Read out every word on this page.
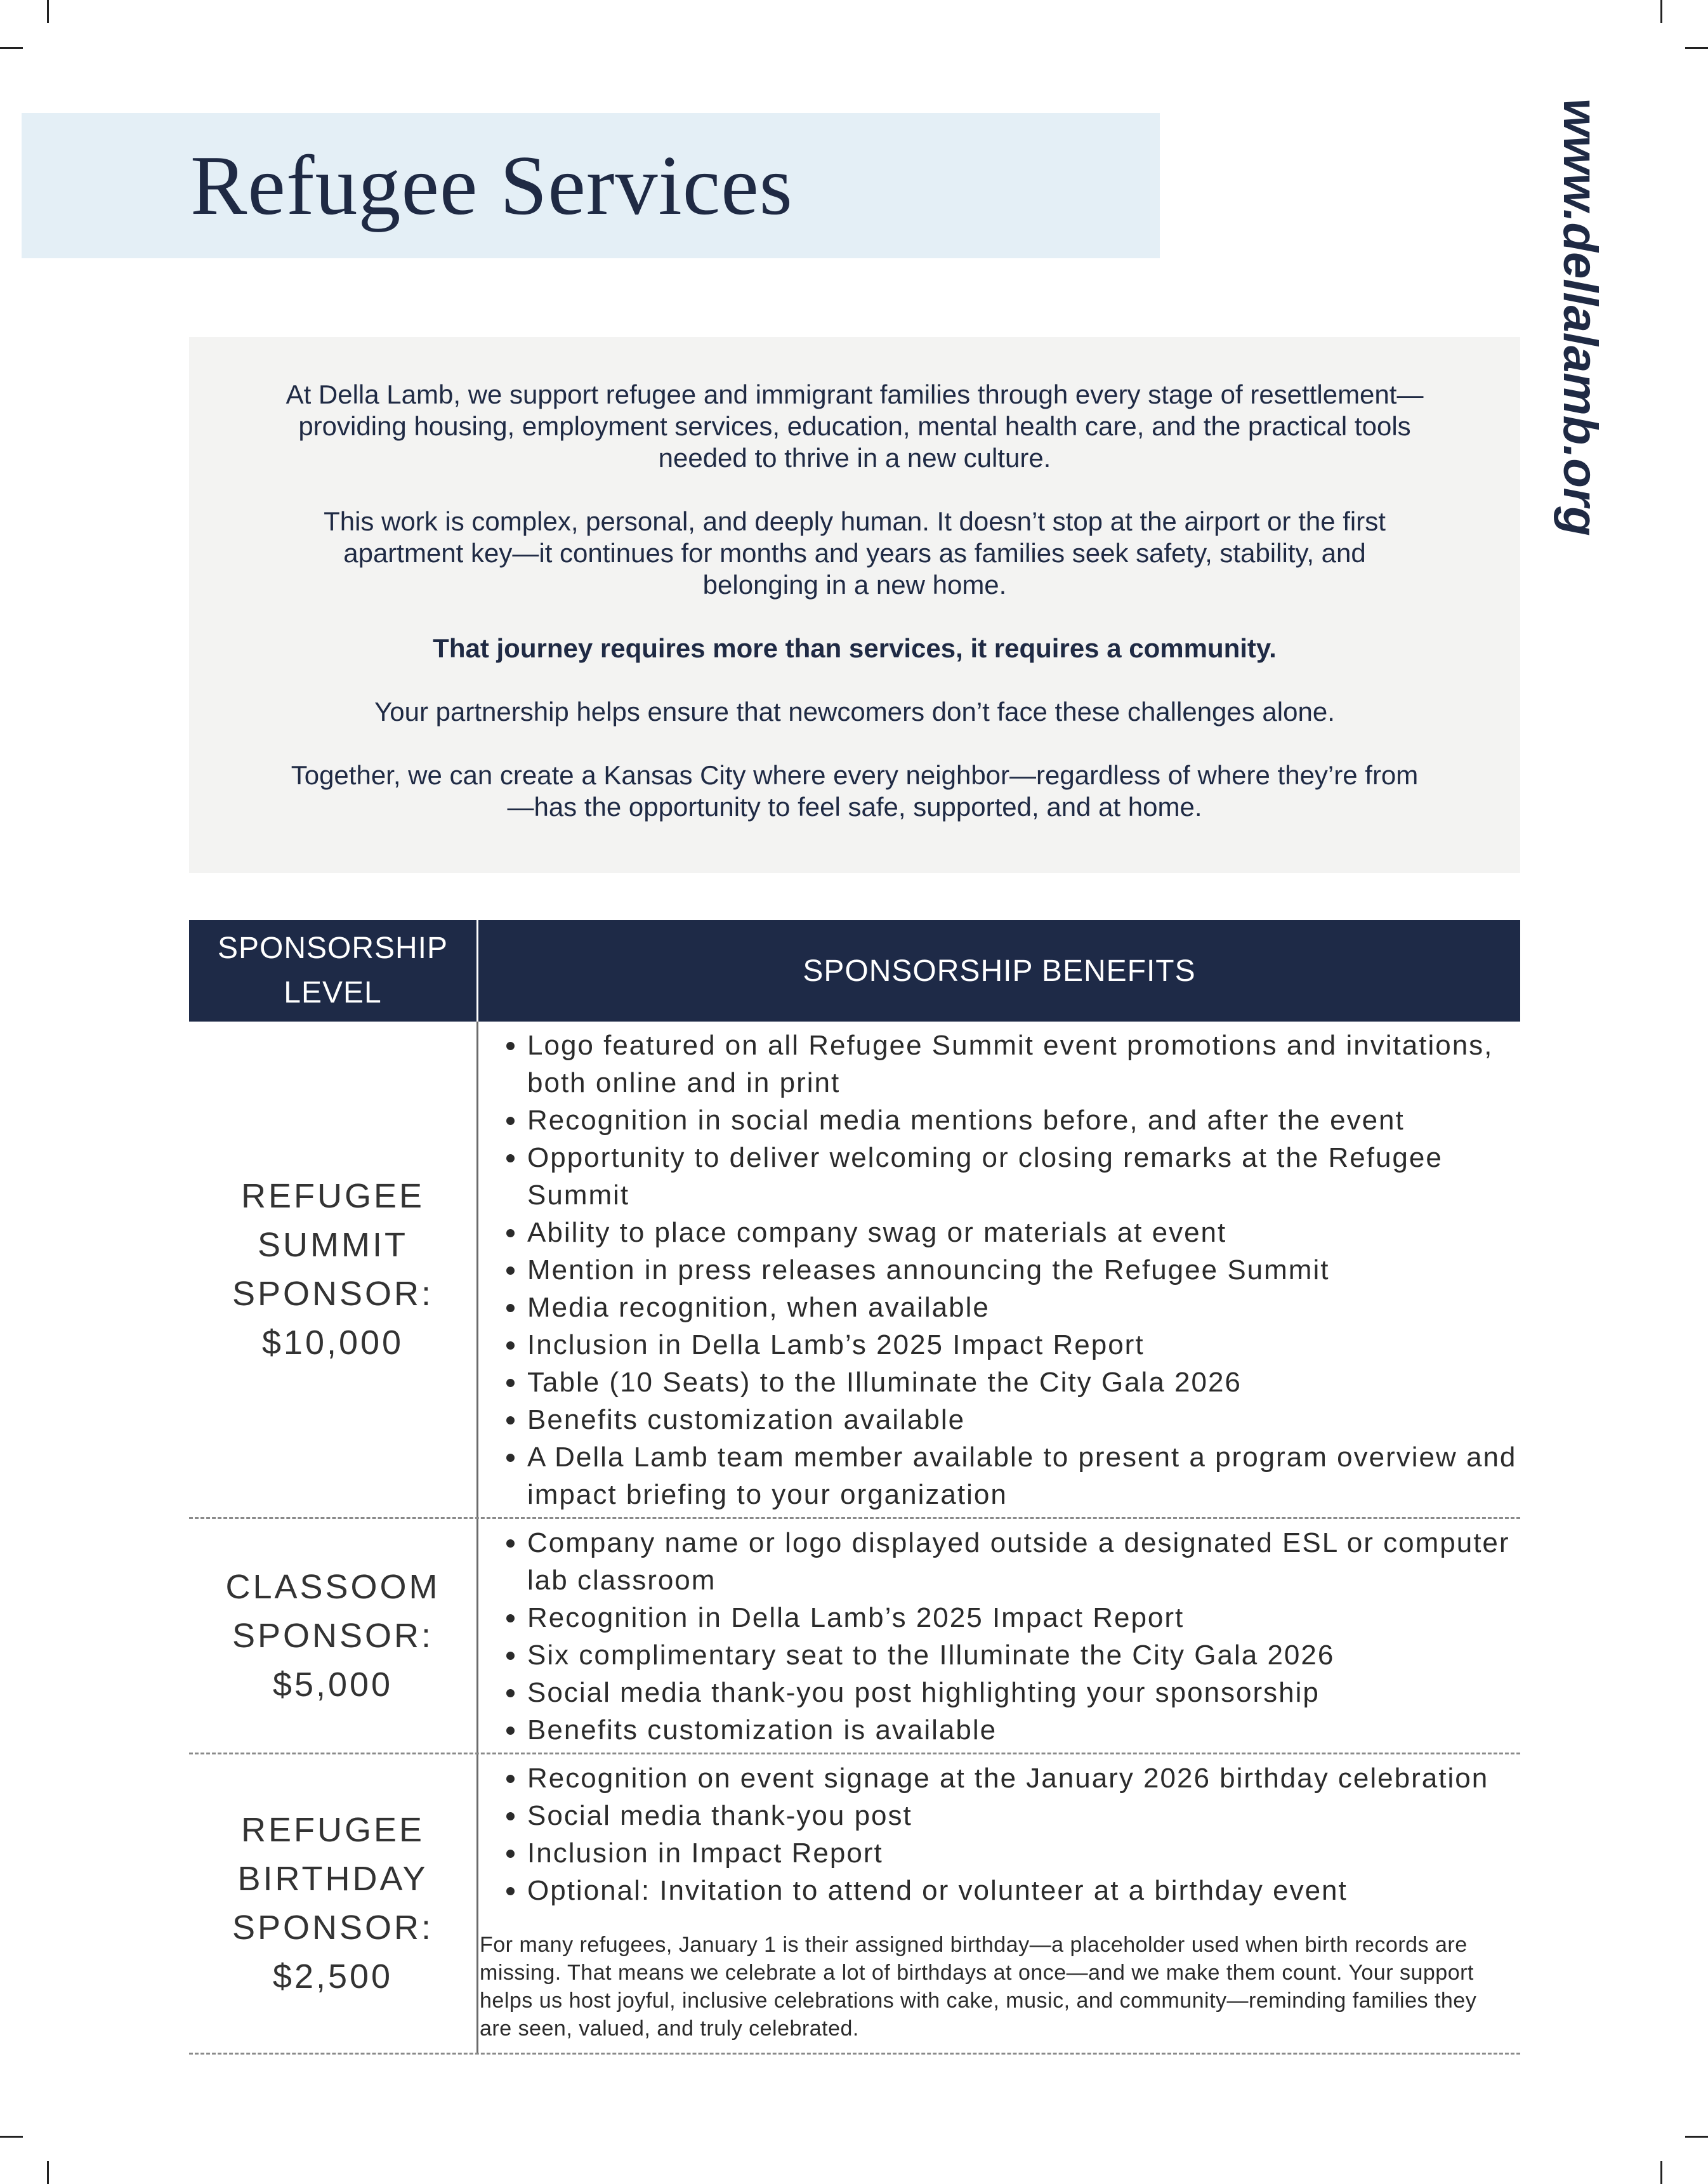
Refugee Services	www.dellalamb.org

At Della Lamb, we support refugee and immigrant families through every stage of resettlement—providing housing, employment services, education, mental health care, and the practical tools needed to thrive in a new culture.

This work is complex, personal, and deeply human. It doesn’t stop at the airport or the first apartment key—it continues for months and years as families seek safety, stability, and belonging in a new home.

That journey requires more than services, it requires a community.

Your partnership helps ensure that newcomers don’t face these challenges alone.

Together, we can create a Kansas City where every neighbor—regardless of where they’re from—has the opportunity to feel safe, supported, and at home.

SPONSORSHIP
LEVEL
SPONSORSHIP BENEFITS
REFUGEE
SUMMIT
SPONSOR:
$10,000
• Logo featured on all Refugee Summit event promotions and invitations, both online and in print
• Recognition in social media mentions before, and after the event
• Opportunity to deliver welcoming or closing remarks at the Refugee Summit
• Ability to place company swag or materials at event
• Mention in press releases announcing the Refugee Summit
• Media recognition, when available
• Inclusion in Della Lamb’s 2025 Impact Report
• Table (10 Seats) to the Illuminate the City Gala 2026
• Benefits customization available
• A Della Lamb team member available to present a program overview and impact briefing to your organization
CLASSOOM
SPONSOR:
$5,000
• Company name or logo displayed outside a designated ESL or computer lab classroom
• Recognition in Della Lamb’s 2025 Impact Report
• Six complimentary seat to the Illuminate the City Gala 2026
• Social media thank-you post highlighting your sponsorship
• Benefits customization is available
REFUGEE
BIRTHDAY
SPONSOR:
$2,500
• Recognition on event signage at the January 2026 birthday celebration
• Social media thank-you post
• Inclusion in Impact Report
• Optional: Invitation to attend or volunteer at a birthday event
For many refugees, January 1 is their assigned birthday—a placeholder used when birth records are missing. That means we celebrate a lot of birthdays at once—and we make them count. Your support helps us host joyful, inclusive celebrations with cake, music, and community—reminding families they are seen, valued, and truly celebrated.
